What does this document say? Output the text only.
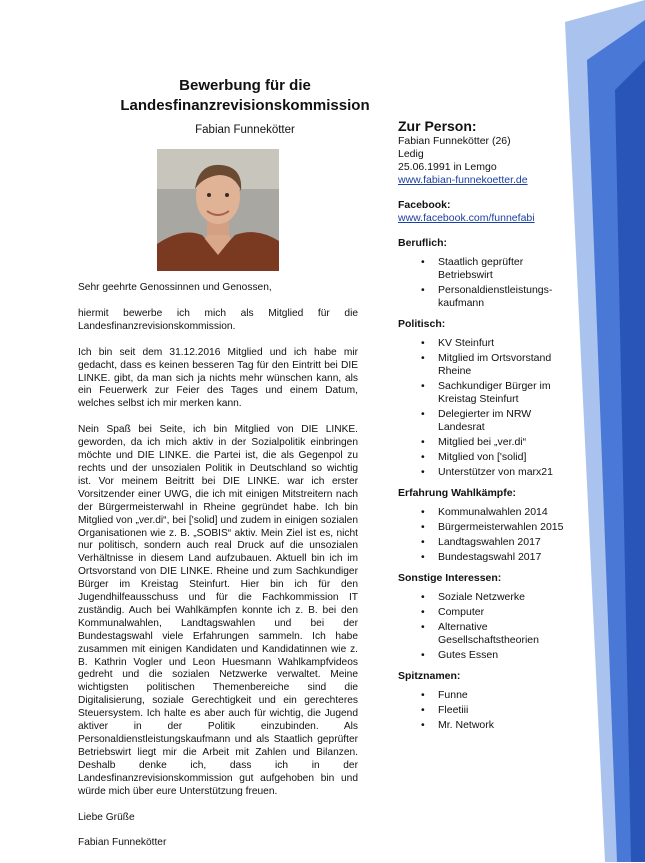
Bewerbung für die
Landesfinanzrevisionskommission
Fabian Funnekötter

Sehr geehrte Genossinnen und Genossen,

hiermit bewerbe ich mich als Mitglied für die Landesfinanzrevisionskommission.

Ich bin seit dem 31.12.2016 Mitglied und ich habe mir gedacht, dass es keinen besseren Tag für den Eintritt bei DIE LINKE. gibt, da man sich ja nichts mehr wünschen kann, als ein Feuerwerk zur Feier des Tages und einem Datum, welches selbst ich mir merken kann.

Nein Spaß bei Seite, ich bin Mitglied von DIE LINKE. geworden, da ich mich aktiv in der Sozialpolitik einbringen möchte und DIE LINKE. die Partei ist, die als Gegenpol zu rechts und der unsozialen Politik in Deutschland so wichtig ist. Vor meinem Beitritt bei DIE LINKE. war ich erster Vorsitzender einer UWG, die ich mit einigen Mitstreitern nach der Bürgermeisterwahl in Rheine gegründet habe. Ich bin Mitglied von „ver.di“, bei ['solid] und zudem in einigen sozialen Organisationen wie z. B. „SOBIS“ aktiv. Mein Ziel ist es, nicht nur politisch, sondern auch real Druck auf die unsozialen Verhältnisse in diesem Land aufzubauen. Aktuell bin ich im Ortsvorstand von DIE LINKE. Rheine und zum Sachkundiger Bürger im Kreistag Steinfurt. Hier bin ich für den Jugendhilfeausschuss und für die Fachkommission IT zuständig. Auch bei Wahlkämpfen konnte ich z. B. bei den Kommunalwahlen, Landtagswahlen und bei der Bundestagswahl viele Erfahrungen sammeln. Ich habe zusammen mit einigen Kandidaten und Kandidatinnen wie z. B. Kathrin Vogler und Leon Huesmann Wahlkampfvideos gedreht und die sozialen Netzwerke verwaltet. Meine wichtigsten politischen Themenbereiche sind die Digitalisierung, soziale Gerechtigkeit und ein gerechteres Steuersystem. Ich halte es aber auch für wichtig, die Jugend aktiver in der Politik einzubinden. Als Personaldienstleistungskaufmann und als Staatlich geprüfter Betriebswirt liegt mir die Arbeit mit Zahlen und Bilanzen. Deshalb denke ich, dass ich in der Landesfinanzrevisionskommission gut aufgehoben bin und würde mich über eure Unterstützung freuen.

Liebe Grüße

Fabian Funnekötter

Zur Person:
Fabian Funnekötter (26)
Ledig
25.06.1991 in Lemgo
www.fabian-funnekoetter.de
Facebook:
www.facebook.com/funnefabi
Beruflich:
• Staatlich geprüfter Betriebswirt
• Personaldienstleistungs-kaufmann
Politisch:
• KV Steinfurt
• Mitglied im Ortsvorstand Rheine
• Sachkundiger Bürger im Kreistag Steinfurt
• Delegierter im NRW Landesrat
• Mitglied bei „ver.di“
• Mitglied von ['solid]
• Unterstützer von marx21
Erfahrung Wahlkämpfe:
• Kommunalwahlen 2014
• Bürgermeisterwahlen 2015
• Landtagswahlen 2017
• Bundestagswahl 2017
Sonstige Interessen:
• Soziale Netzwerke
• Computer
• Alternative Gesellschaftstheorien
• Gutes Essen
Spitznamen:
• Funne
• Fleetiii
• Mr. Network
